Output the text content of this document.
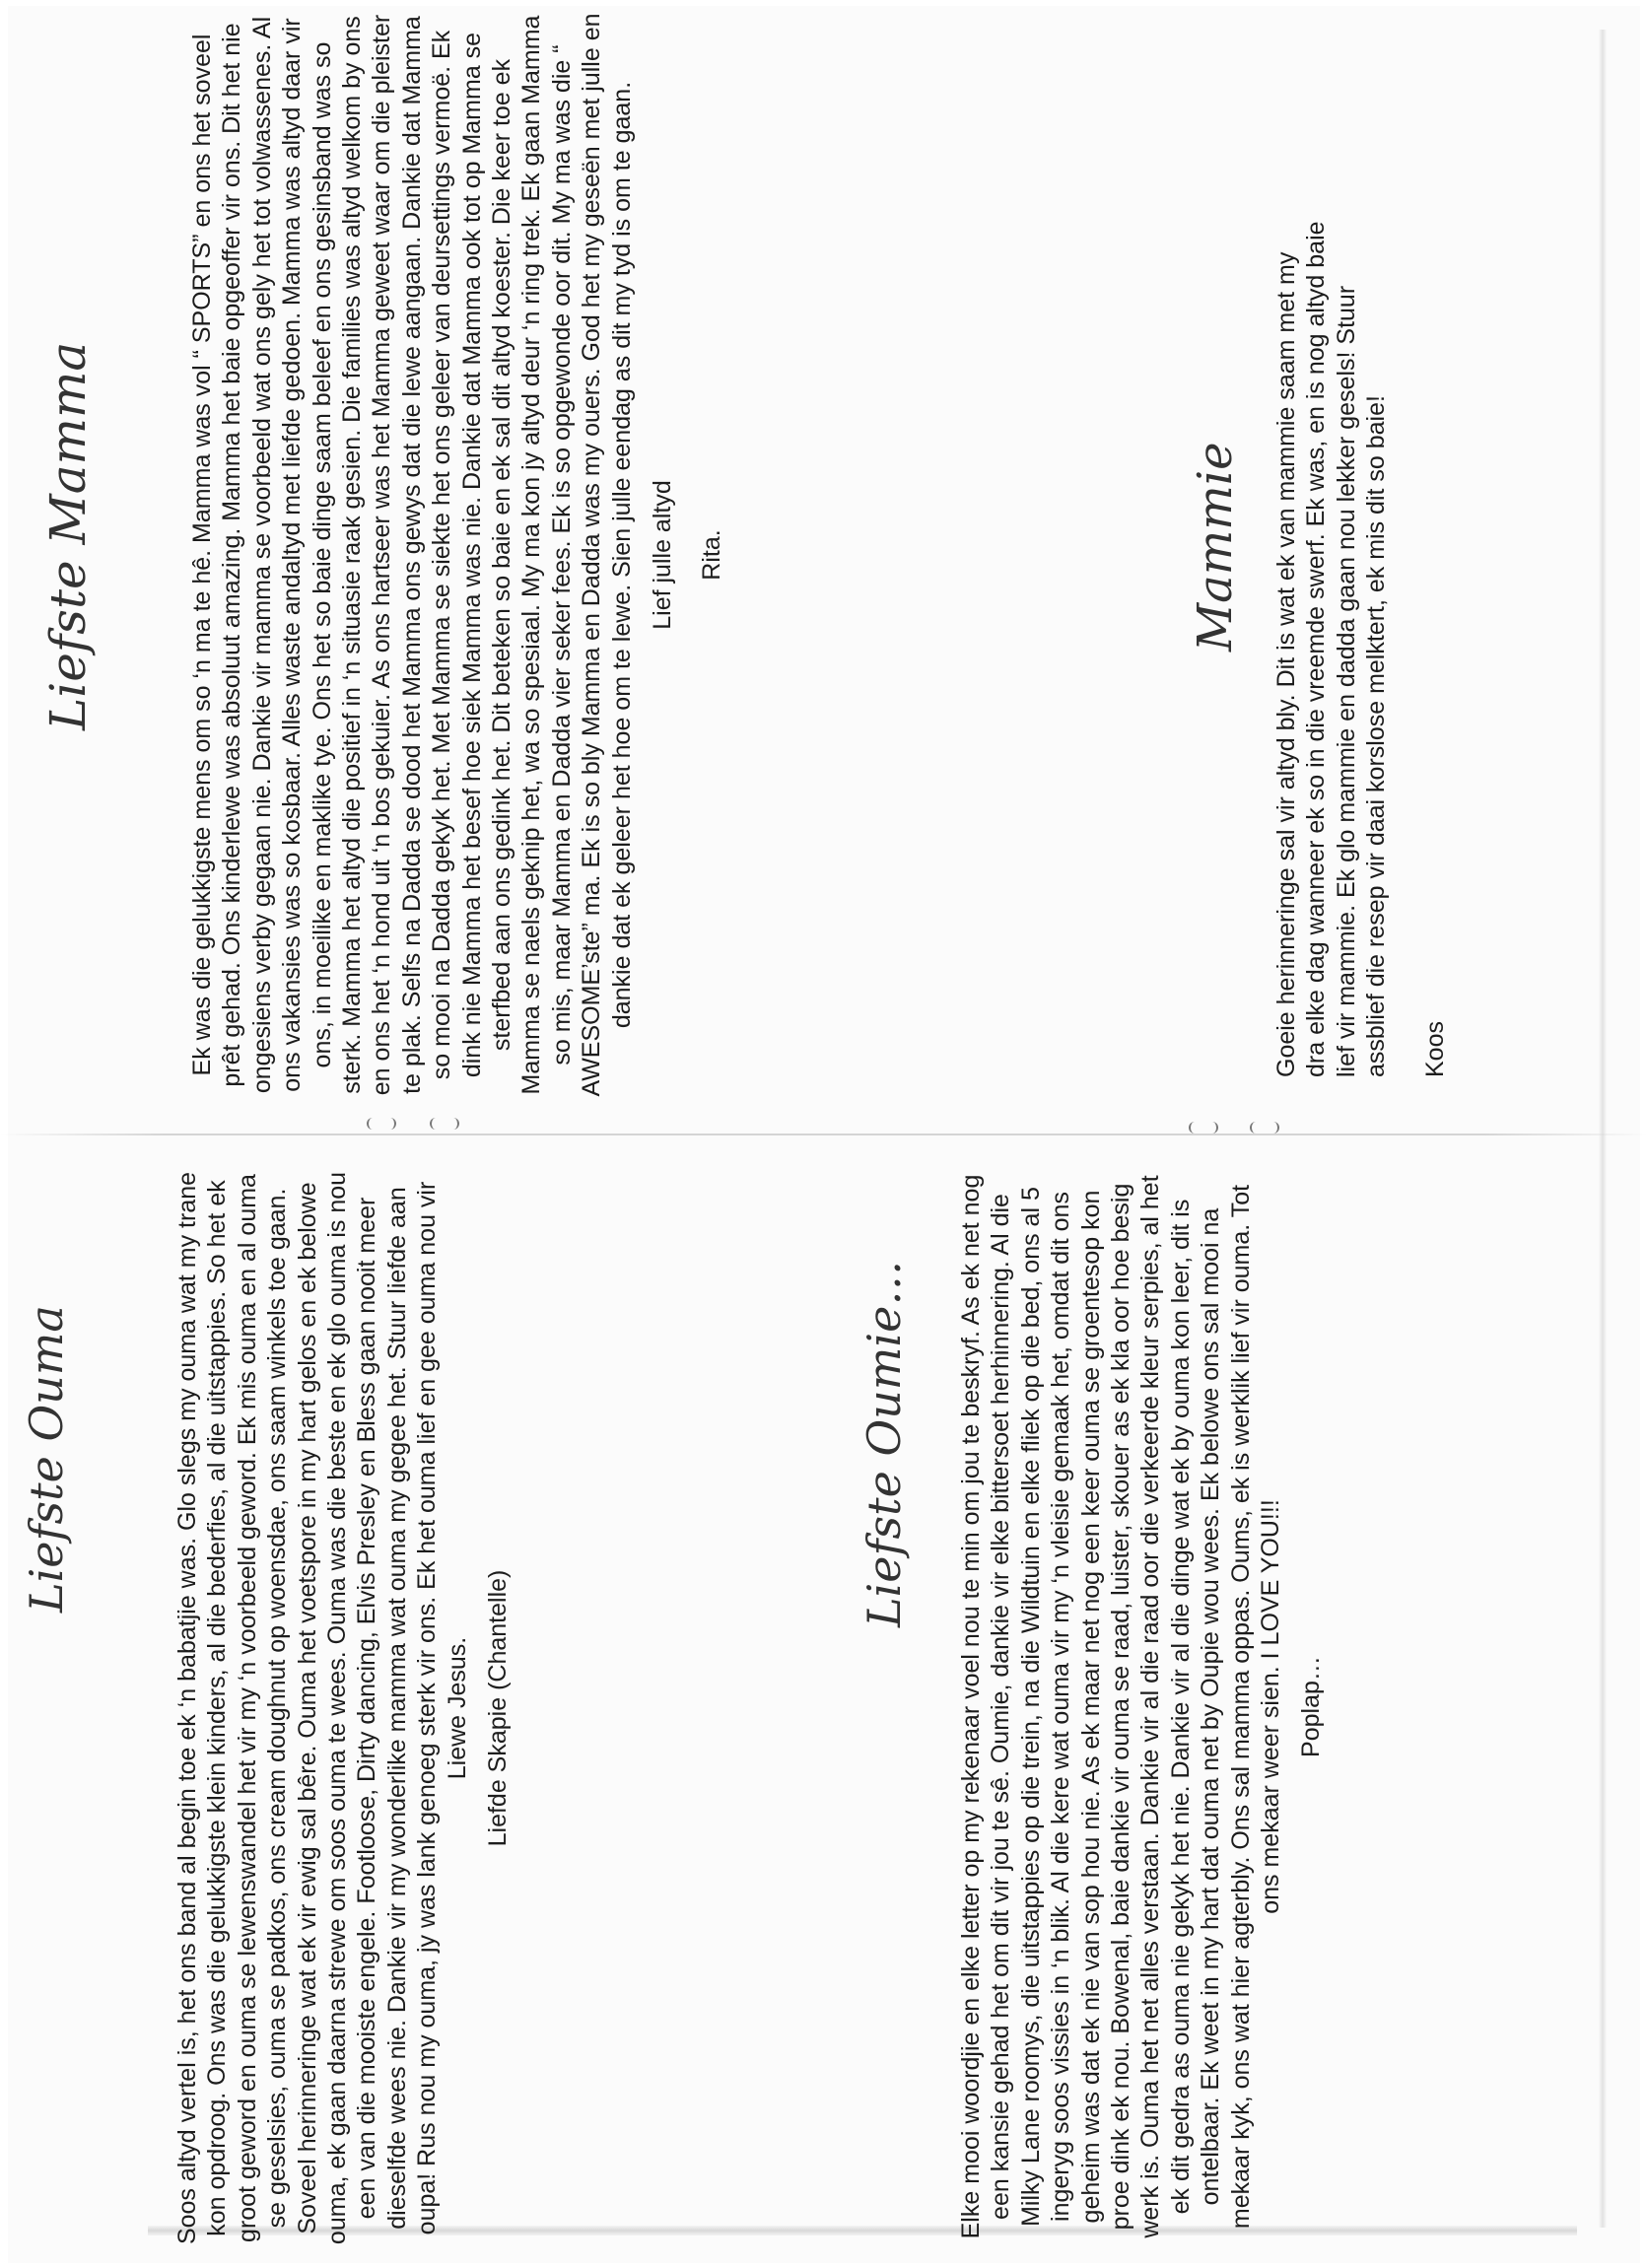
Liefste Ouma	Soos altyd vertel is, het ons band al begin toe ek ‘n babatjie was. Glo slegs my ouma wat my trane kon opdroog. Ons was die gelukkigste klein kinders, al die bederfies, al die uitstappies. So het ek groot geword en ouma se lewenswandel het vir my ‘n voorbeeld geword. Ek mis ouma en al ouma se geselsies, ouma se padkos, ons cream doughnut op woensdae, ons saam winkels toe gaan. Soveel herinneringe wat ek vir ewig sal bêre. Ouma het voetspore in my hart gelos en ek belowe ouma, ek gaan daarna strewe om soos ouma te wees. Ouma was die beste en ek glo ouma is nou een van die mooiste engele. Footloose, Dirty dancing, Elvis Presley en Bless gaan nooit meer dieselfde wees nie. Dankie vir my wonderlike mamma wat ouma my gegee het. Stuur liefde aan oupa! Rus nou my ouma, jy was lank genoeg sterk vir ons. Ek het ouma lief en gee ouma nou vir Liewe Jesus. Liefde Skapie (Chantelle)

Liefste Oumie… Elke mooi woordjie en elke letter op my rekenaar voel nou te min om jou te beskryf. As ek net nog een kansie gehad het om dit vir jou te sê. Oumie, dankie vir elke bittersoet herhinnering. Al die Milky Lane roomys, die uitstappies op die trein, na die Wildtuin en elke fliek op die bed, ons al 5 ingeryg soos vissies in ‘n blik. Al die kere wat ouma vir my ‘n vleisie gemaak het, omdat dit ons geheim was dat ek nie van sop hou nie. As ek maar net nog een keer ouma se groentesop kon proe dink ek nou. Bowenal, baie dankie vir ouma se raad, luister, skouer as ek kla oor hoe besig werk is. Ouma het net alles verstaan. Dankie vir al die raad oor die verkeerde kleur serpies, al het ek dit gedra as ouma nie gekyk het nie. Dankie vir al die dinge wat ek by ouma kon leer, dit is ontelbaar. Ek weet in my hart dat ouma net by Oupie wou wees. Ek belowe ons sal mooi na mekaar kyk, ons wat hier agterbly. Ons sal mamma oppas. Oums, ek is werklik lief vir ouma. Tot ons mekaar weer sien. I LOVE YOU!!! Poplap…

Liefste Mamma	Ek was die gelukkigste mens om so ‘n ma te hê. Mamma was vol “ SPORTS” en ons het soveel prêt gehad. Ons kinderlewe was absoluut amazing. Mamma het baie opgeoffer vir ons. Dit het nie ongesiens verby gegaan nie. Dankie vir mamma se voorbeeld wat ons gely het tot volwassenes. Al ons vakansies was so kosbaar. Alles waste andaltyd met liefde gedoen. Mamma was altyd daar vir ons, in moeilike en maklike tye. Ons het so baie dinge saam beleef en ons gesinsband was so sterk. Mamma het altyd die positief in ‘n situasie raak gesien. Die families was altyd welkom by ons en ons het ‘n hond uit ‘n bos gekuier. As ons hartseer was het Mamma geweet waar om die pleister te plak. Selfs na Dadda se dood het Mamma ons gewys dat die lewe aangaan. Dankie dat Mamma so mooi na Dadda gekyk het. Met Mamma se siekte het ons geleer van deursettings vermoë. Ek dink nie Mamma het besef hoe siek Mamma was nie. Dankie dat Mamma ook tot op Mamma se sterfbed aan ons gedink het. Dit beteken so baie en ek sal dit altyd koester. Die keer toe ek Mamma se naels geknip het, wa so spesiaal. My ma kon jy altyd deur ‘n ring trek. Ek gaan Mamma so mis, maar Mamma en Dadda vier seker fees. Ek is so opgewonde oor dit. My ma was die “ AWESOME’ste” ma. Ek is so bly Mamma en Dadda was my ouers. God het my geseën met julle en dankie dat ek geleer het hoe om te lewe. Sien julle eendag as dit my tyd is om te gaan. Lief julle altyd Rita.	Mammie Goeie herinneringe sal vir altyd bly. Dit is wat ek van mammie saam met my dra elke dag wanneer ek so in die vreemde swerf. Ek was, en is nog altyd baie lief vir mammie. Ek glo mammie en dadda gaan nou lekker gesels! Stuur assblief die resep vir daai korslose melktert, ek mis dit so baie! Koos
